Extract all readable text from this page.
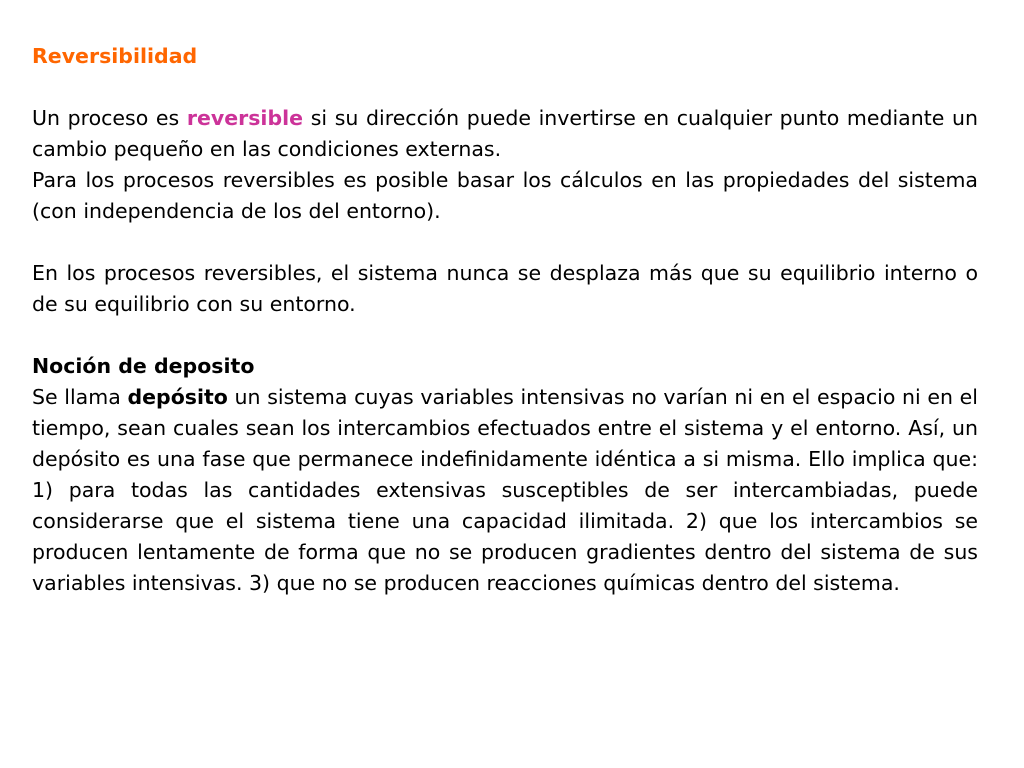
Reversibilidad

Un proceso es reversible si su dirección puede invertirse en cualquier punto mediante un cambio pequeño en las condiciones externas.

Para los procesos reversibles es posible basar los cálculos en las propiedades del sistema (con independencia de los del entorno).

En los procesos reversibles, el sistema nunca se desplaza más que su equilibrio interno o de su equilibrio con su entorno.

Noción de deposito

Se llama depósito un sistema cuyas variables intensivas no varían ni en el espacio ni en el tiempo, sean cuales sean los intercambios efectuados entre el sistema y el entorno. Así, un depósito es una fase que permanece indefinidamente idéntica a si misma. Ello implica que: 1) para todas las cantidades extensivas susceptibles de ser intercambiadas, puede considerarse que el sistema tiene una capacidad ilimitada. 2) que los intercambios se producen lentamente de forma que no se producen gradientes dentro del sistema de sus variables intensivas. 3) que no se producen reacciones químicas dentro del sistema.
